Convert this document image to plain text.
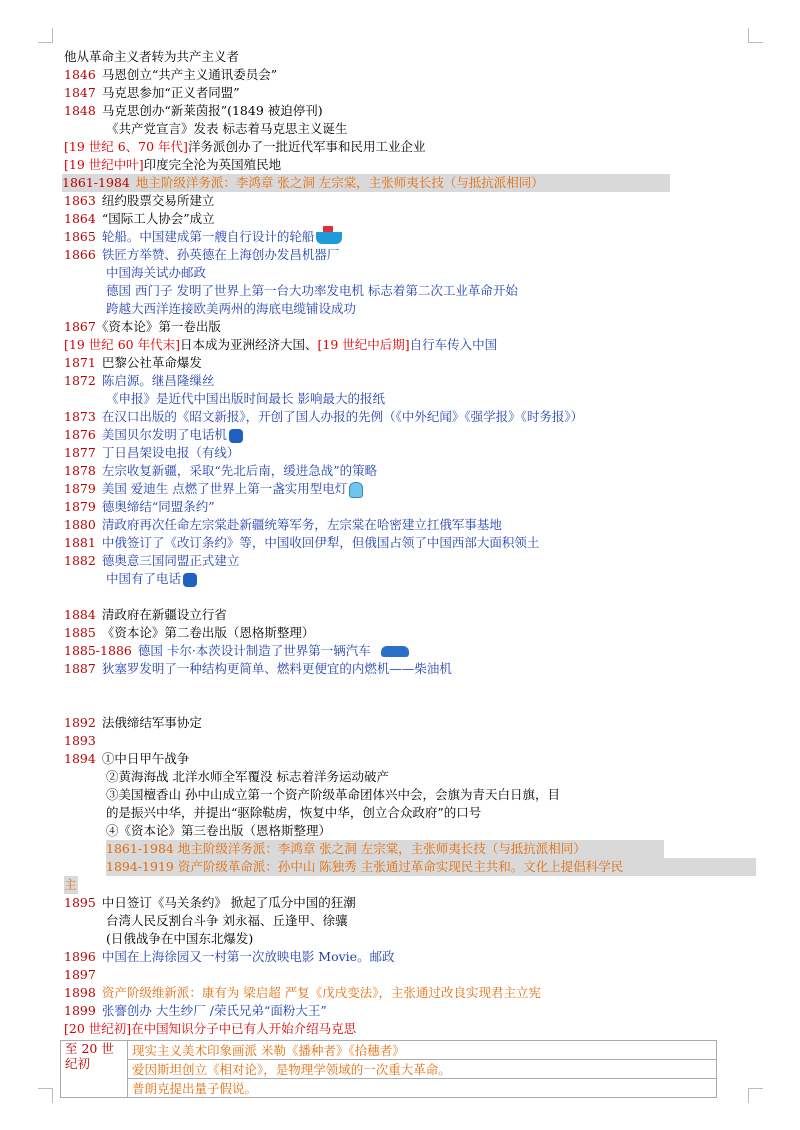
他从革命主义者转为共产主义者
1846 马恩创立“共产主义通讯委员会”
1847 马克思参加“正义者同盟”
1848 马克思创办“新莱茵报”(1849 被迫停刊)
《共产党宣言》发表 标志着马克思主义诞生
[19 世纪 6、70 年代]洋务派创办了一批近代军事和民用工业企业
[19 世纪中叶]印度完全沦为英国殖民地
1861-1984 地主阶级洋务派：李鸿章 张之洞 左宗棠，主张师夷长技（与抵抗派相同）
1863 纽约股票交易所建立
1864 “国际工人协会”成立
1865 轮船。中国建成第一艘自行设计的轮船
1866 铁匠方举赞、孙英德在上海创办发昌机器厂
中国海关试办邮政
德国 西门子 发明了世界上第一台大功率发电机 标志着第二次工业革命开始
跨越大西洋连接欧美两州的海底电缆铺设成功
1867《资本论》第一卷出版
[19 世纪 60 年代末]日本成为亚洲经济大国、[19 世纪中后期]自行车传入中国
1871 巴黎公社革命爆发
1872 陈启源。继昌隆缫丝
《申报》是近代中国出版时间最长 影响最大的报纸
1873 在汉口出版的《昭文新报》，开创了国人办报的先例（《中外纪闻》《强学报》《时务报》）
1876 美国贝尔发明了电话机
1877 丁日昌架设电报（有线）
1878 左宗收复新疆，采取“先北后南，缓进急战”的策略
1879 美国 爱迪生 点燃了世界上第一盏实用型电灯
1879 德奥缔结“同盟条约”
1880 清政府再次任命左宗棠赴新疆统筹军务，左宗棠在哈密建立扛俄军事基地
1881 中俄签订了《改订条约》等，中国收回伊犁，但俄国占领了中国西部大面积领土
1882 德奥意三国同盟正式建立
中国有了电话
1884 清政府在新疆设立行省
1885 《资本论》第二卷出版（恩格斯整理）
1885-1886 德国 卡尔·本茨设计制造了世界第一辆汽车
1887 狄塞罗发明了一种结构更简单、燃料更便宜的内燃机——柴油机
1892 法俄缔结军事协定
1893
1894 ①中日甲午战争
②黄海海战 北洋水师全军覆没 标志着洋务运动破产
③美国檀香山 孙中山成立第一个资产阶级革命团体兴中会，会旗为青天白日旗，目
的是振兴中华，并提出“驱除鞑虏，恢复中华，创立合众政府”的口号
④《资本论》第三卷出版（恩格斯整理）
1861-1984 地主阶级洋务派：李鸿章 张之洞 左宗棠，主张师夷长技（与抵抗派相同）
1894-1919 资产阶级革命派：孙中山 陈独秀 主张通过革命实现民主共和。文化上提倡科学民
主
1895 中日签订《马关条约》 掀起了瓜分中国的狂潮
台湾人民反割台斗争 刘永福、丘逢甲、徐骧
(日俄战争在中国东北爆发)
1896 中国在上海徐园又一村第一次放映电影 Movie。邮政
1897
1898 资产阶级维新派：康有为 梁启超 严复《戊戌变法》，主张通过改良实现君主立宪
1899 张謇创办 大生纱厂 /荣氏兄弟“面粉大王”
[20 世纪初]在中国知识分子中已有人开始介绍马克思
至 20 世纪初	现实主义美术印象画派 米勒《播种者》《拾穗者》
爱因斯坦创立《相对论》，是物理学领域的一次重大革命。
普朗克提出量子假说。
